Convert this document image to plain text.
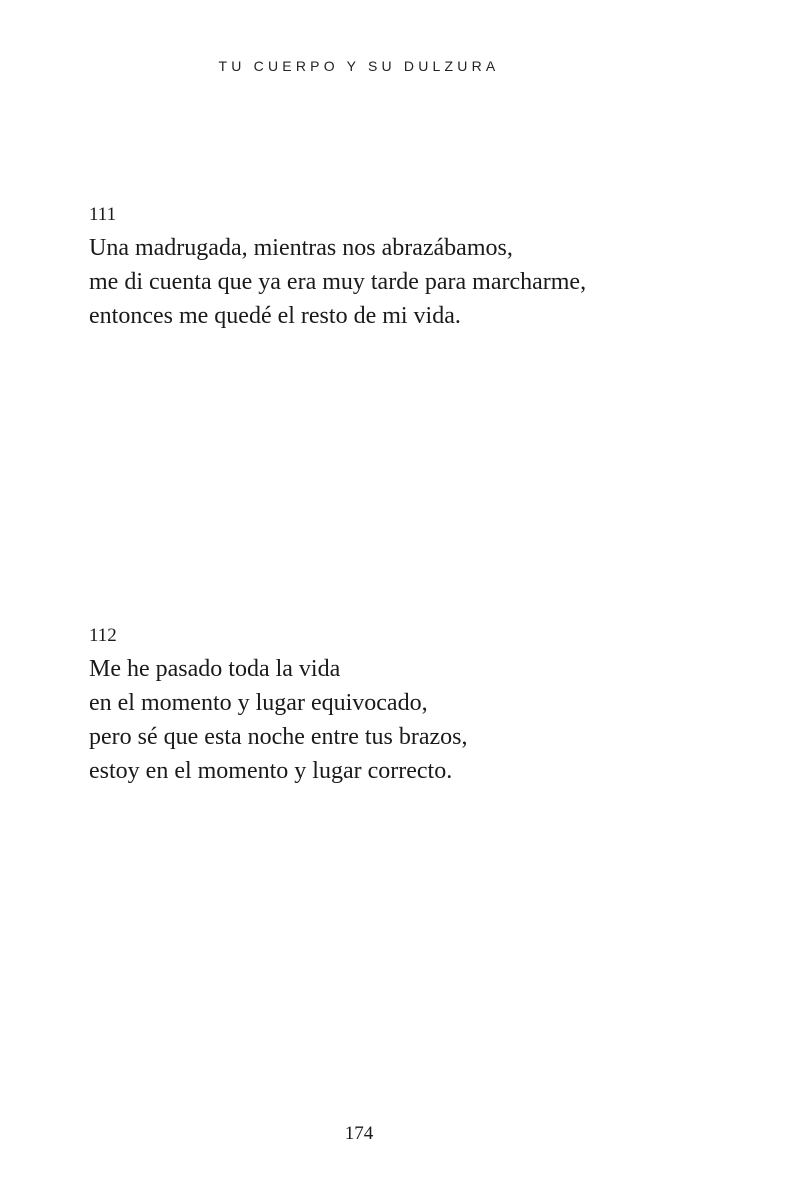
TU CUERPO Y SU DULZURA
111
Una madrugada, mientras nos abrazábamos,
me di cuenta que ya era muy tarde para marcharme,
entonces me quedé el resto de mi vida.
112
Me he pasado toda la vida
en el momento y lugar equivocado,
pero sé que esta noche entre tus brazos,
estoy en el momento y lugar correcto.
174
